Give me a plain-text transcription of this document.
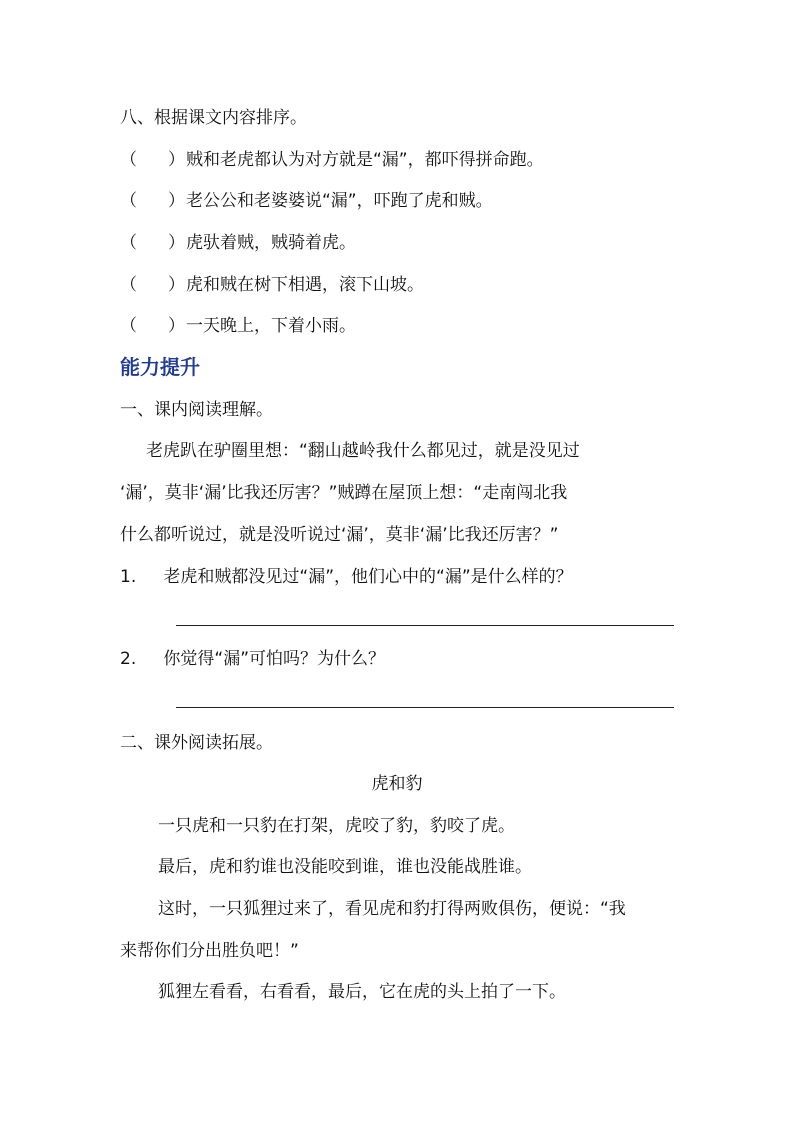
八、根据课文内容排序。
（	） 贼和老虎都认为对方就是“漏”，都吓得拼命跑。
（	） 老公公和老婆婆说“漏”，吓跑了虎和贼。
（	） 虎驮着贼，贼骑着虎。
（	） 虎和贼在树下相遇，滚下山坡。
（	） 一天晚上，下着小雨。
能力提升
一、课内阅读理解。
老虎趴在驴圈里想：“翻山越岭我什么都见过，就是没见过
‘漏’，莫非‘漏’比我还厉害？”贼蹲在屋顶上想：“走南闯北我
什么都听说过，就是没听说过‘漏’，莫非‘漏’比我还厉害？”
1. 老虎和贼都没见过“漏”，他们心中的“漏”是什么样的？
2. 你觉得“漏”可怕吗？为什么？
二、课外阅读拓展。
虎和豹
一只虎和一只豹在打架，虎咬了豹，豹咬了虎。
最后，虎和豹谁也没能咬到谁，谁也没能战胜谁。
这时，一只狐狸过来了，看见虎和豹打得两败俱伤，便说：“我
来帮你们分出胜负吧！”
狐狸左看看，右看看，最后，它在虎的头上拍了一下。
